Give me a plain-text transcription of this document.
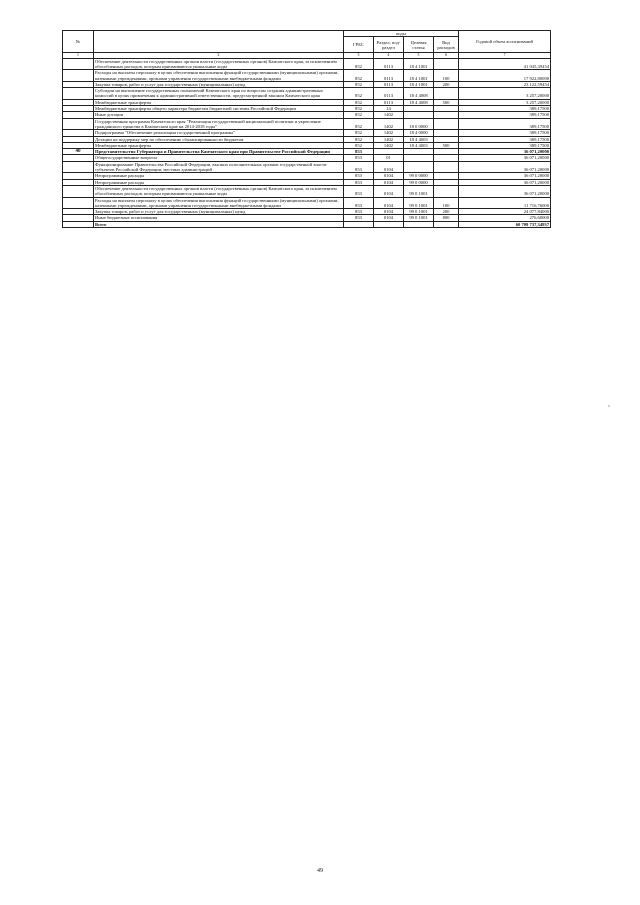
№		коды				Годовой объем ассигнований
		ГРБС	Раздел, под-раздел	Целевая статья	Вид расходов	
1	2	3	4	5	6	7
	Обеспечение деятельности государственных органов власти (государственных органов) Камчатского края, за исключением обособленных расходов, которым присваиваются уникальные коды	852	0113	18 4 1001		41 045,39454
	Расходы на выплаты персоналу в целях обеспечения выполнения функций государственными (муниципальными) органами, казенными учреждениями, органами управления государственными внебюджетными фондами	852	0113	18 4 1001	100	17 922,80000
	Закупка товаров, работ и услуг для государственных (муниципальных) нужд	852	0113	18 4 1001	200	23 122,59454
	Субсидии на выполнение государственных полномочий Камчатского края по вопросам создания административных комиссий в целях привлечения к административной ответственности, предусмотренной законом Камчатского края	852	0113	18 4 4008		3 257,20000
	Межбюджетные трансферты	852	0113	18 4 4008	500	3 257,20000
	Межбюджетные трансферты общего характера бюджетам бюджетной системы Российской Федерации	852	14			389,17500
	Иные дотации	852	1402			389,17500
	Государственная программа Камчатского края "Реализация государственной национальной политики и укрепление гражданского единства в Камчатском крае на 2014-2018 годы"	852	1402	18 0 0000		389,17500
	Подпрограмма "Обеспечение реализации государственной программы"	852	1402	18 4 0000		389,17500
	Дотации на поддержку мер по обеспечению сбалансированности бюджетов	852	1402	18 4 4003		389,17500
	Межбюджетные трансферты	852	1402	18 4 4003	500	389,17500
40	Представительство Губернатора и Правительства Камчатского края при Правительстве Российской Федерации	853				36 071,20000
	Общегосударственные вопросы	853	01			36 071,20000
	Функционирование Правительства Российской Федерации, высших исполнительных органов государственной власти субъектов Российской Федерации, местных администраций	853	0104			36 071,20000
	Непрограммные расходы	853	0104	99 0 0000		36 071,20000
	Непрограммные расходы	853	0104	99 0 0000		36 071,20000
	Обеспечение деятельности государственных органов власти (государственных органов) Камчатского края, за исключением обособленных расходов, которым присваиваются уникальные коды	853	0104	99 0 1001		36 071,20000
	Расходы на выплаты персоналу в целях обеспечения выполнения функций государственными (муниципальными) органами, казенными учреждениями, органами управления государственными внебюджетными фондами	853	0104	99 0 1001	100	11 716,76000
	Закупка товаров, работ и услуг для государственных (муниципальных) нужд	853	0104	99 0 1001	200	24 077,84000
	Иные бюджетные ассигнования	853	0104	99 0 1001	800	276,60000
	Всего					60 709 737,34937
"
49
